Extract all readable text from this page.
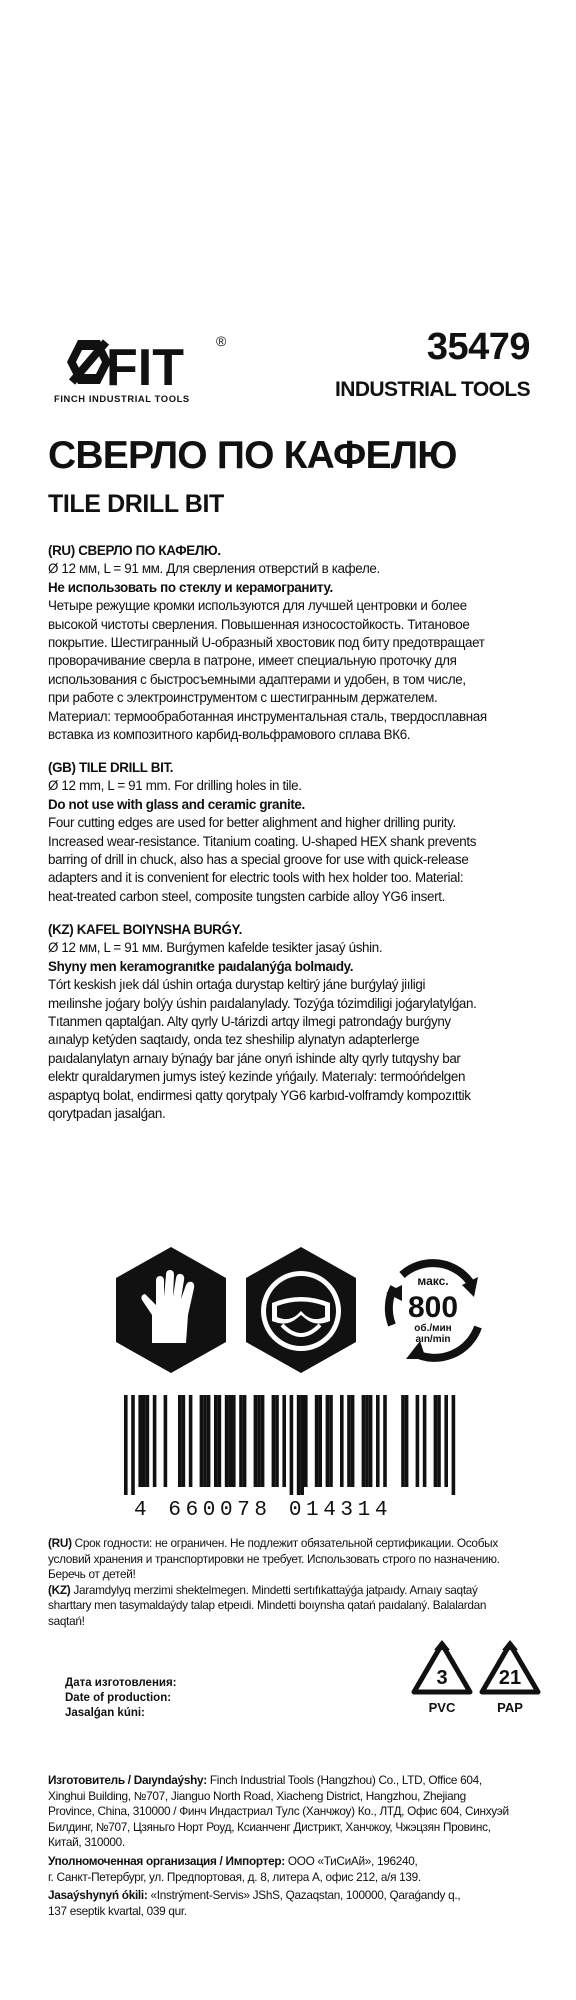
FIT ®
FINCH INDUSTRIAL TOOLS
35479
INDUSTRIAL TOOLS
СВЕРЛО ПО КАФЕЛЮ
TILE DRILL BIT
(RU) СВЕРЛО ПО КАФЕЛЮ.
Ø 12 мм, L = 91 мм. Для сверления отверстий в кафеле.
Не использовать по стеклу и керамограниту.
Четыре режущие кромки используются для лучшей центровки и более
высокой чистоты сверления. Повышенная износостойкость. Титановое
покрытие. Шестигранный U-образный хвостовик под биту предотвращает
проворачивание сверла в патроне, имеет специальную проточку для
использования с быстросъемными адаптерами и удобен, в том числе,
при работе с электроинструментом с шестигранным держателем.
Материал: термообработанная инструментальная сталь, твердосплавная
вставка из композитного карбид-вольфрамового сплава ВК6.
(GB) TILE DRILL BIT.
Ø 12 mm, L = 91 mm. For drilling holes in tile.
Do not use with glass and ceramic granite.
Four cutting edges are used for better alighment and higher drilling purity.
Increased wear-resistance. Titanium coating. U-shaped HEX shank prevents
barring of drill in chuck, also has a special groove for use with quick-release
adapters and it is convenient for electric tools with hex holder too. Material:
heat-treated carbon steel, composite tungsten carbide alloy YG6 insert.
(KZ) KAFEL BOIYNSHA BURǴY.
Ø 12 мм, L = 91 мм. Burǵymen kafelde tesikter jasaý úshin.
Shyny men keramogranıtke paıdalanýǵa bolmaıdy.
Tórt keskish jıek dál úshin ortaǵa durystap keltirý jáne burǵylaý jiıligi
meılinshe joǵary bolýy úshin paıdalanylady. Tozýǵa tózimdiligi joǵarylatylǵan.
Tıtanmen qaptalǵan. Alty qyrly U-tárizdi artqy ilmegi patrondaǵy burǵyny
aınalyp ketýden saqtaıdy, onda tez sheshilip alynatyn adapterlerge
paıdalanylatyn arnaıy býnaǵy bar jáne onyń ishinde alty qyrly tutqyshy bar
elektr quraldarymen jumys isteý kezinde yńǵaıly. Materıaly: termoóńdelgen
aspaptyq bolat, endirmesi qatty qorytpaly YG6 karbıd-volframdy kompozıttik
qorytpadan jasalǵan.
макс.
800
об./мин
aın/min
4 660078 014314
(RU) Срок годности: не ограничен. Не подлежит обязательной сертификации. Особых
условий хранения и транспортировки не требует. Использовать строго по назначению.
Беречь от детей!
(KZ) Jaramdylyq merzimi shektelmegen. Mindetti sertıfıkattaýǵa jatpaıdy. Arnaıy saqtaý
sharttary men tasymaldaýdy talap etpeıdi. Mindetti boıynsha qatań paıdalaný. Balalardan
saqtań!
Дата изготовления:
Date of production:
Jasalǵan kúni:
3
PVC
21
PAP
Изготовитель / Daıyndaýshy: Finch Industrial Tools (Hangzhou) Co., LTD, Office 604,
Xinghui Building, №707, Jianguo North Road, Xiacheng District, Hangzhou, Zhejiang
Province, China, 310000 / Финч Индастриал Тулс (Ханчжоу) Ко., ЛТД, Офис 604, Синхуэй
Билдинг, №707, Цзяньго Норт Роуд, Ксианченг Дистрикт, Ханчжоу, Чжэцзян Провинс,
Китай, 310000.
Уполномоченная организация / Импортер: ООО «ТиСиАй», 196240,
г. Санкт-Петербург, ул. Предпортовая, д. 8, литера А, офис 212, а/я 139.
Jasaýshynyń ókili: «Instrýment-Servis» JShS, Qazaqstan, 100000, Qaraǵandy q.,
137 eseptik kvartal, 039 qur.
